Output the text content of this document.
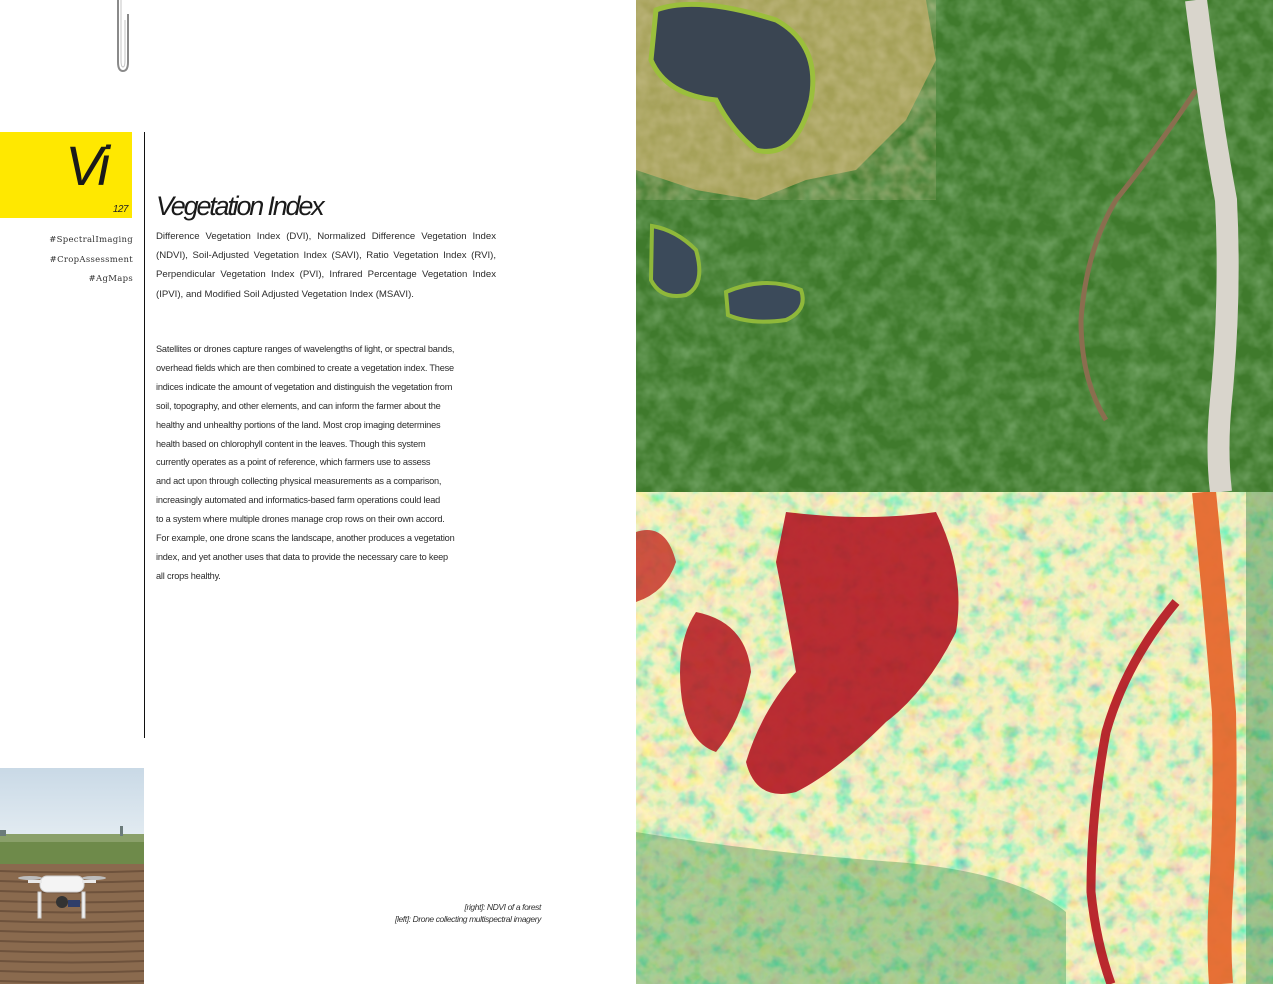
Vi
127
#SpectralImaging
#CropAssessment
#AgMaps
Vegetation Index
Difference Vegetation Index (DVI), Normalized Difference Vegetation Index (NDVI), Soil-Adjusted Vegetation Index (SAVI), Ratio Vegetation Index (RVI), Perpendicular Vegetation Index (PVI), Infrared Percentage Vegetation Index (IPVI), and Modified Soil Adjusted Vegetation Index (MSAVI).
Satellites or drones capture ranges of wavelengths of light, or spectral bands,
overhead fields which are then combined to create a vegetation index. These
indices indicate the amount of vegetation and distinguish the vegetation from
soil, topography, and other elements, and can inform the farmer about the
healthy and unhealthy portions of the land. Most crop imaging determines
health based on chlorophyll content in the leaves. Though this system
currently operates as a point of reference, which farmers use to assess
and act upon through collecting physical measurements as a comparison,
increasingly automated and informatics-based farm operations could lead
to a system where multiple drones manage crop rows on their own accord.
For example, one drone scans the landscape, another produces a vegetation
index, and yet another uses that data to provide the necessary care to keep
all crops healthy.
[right]: NDVI of a forest
[left]: Drone collecting multispectral imagery
